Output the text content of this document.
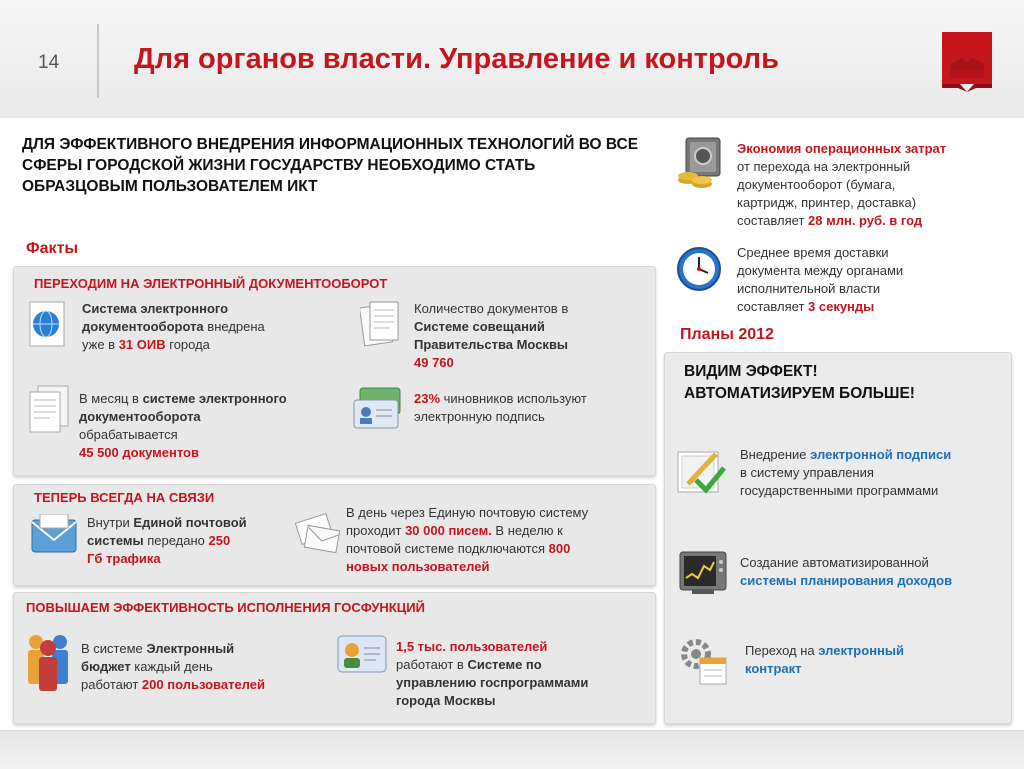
14	Для органов власти. Управление и контроль
ДЛЯ ЭФФЕКТИВНОГО ВНЕДРЕНИЯ ИНФОРМАЦИОННЫХ ТЕХНОЛОГИЙ ВО ВСЕ СФЕРЫ ГОРОДСКОЙ ЖИЗНИ ГОСУДАРСТВУ НЕОБХОДИМО СТАТЬ ОБРАЗЦОВЫМ ПОЛЬЗОВАТЕЛЕМ ИКТ
Факты
Экономия операционных затрат
от перехода на электронный
документооборот (бумага,
картридж, принтер, доставка)
составляет 28 млн. руб. в год
Среднее время доставки
документа между органами
исполнительной власти
составляет 3 секунды
ПЕРЕХОДИМ НА ЭЛЕКТРОННЫЙ ДОКУМЕНТООБОРОТ
Система электронного
документооборота внедрена
уже в 31 ОИВ города
Количество документов в
Системе совещаний
Правительства Москвы
49 760
В месяц в системе электронного
документооборота
обрабатывается
45 500 документов
23% чиновников используют
электронную подпись
ТЕПЕРЬ ВСЕГДА НА СВЯЗИ
Внутри Единой почтовой
системы передано 250
Гб трафика
В день через Единую почтовую систему
проходит 30 000 писем. В неделю к
почтовой системе подключаются 800
новых пользователей
ПОВЫШАЕМ ЭФФЕКТИВНОСТЬ ИСПОЛНЕНИЯ ГОСФУНКЦИЙ
В системе Электронный
бюджет каждый день
работают 200 пользователей
1,5 тыс. пользователей
работают в Системе по
управлению госпрограммами
города Москвы
Планы 2012
ВИДИМ ЭФФЕКТ!
АВТОМАТИЗИРУЕМ БОЛЬШЕ!
Внедрение электронной подписи
в систему управления
государственными программами
Создание автоматизированной
системы планирования доходов
Переход на электронный
контракт
